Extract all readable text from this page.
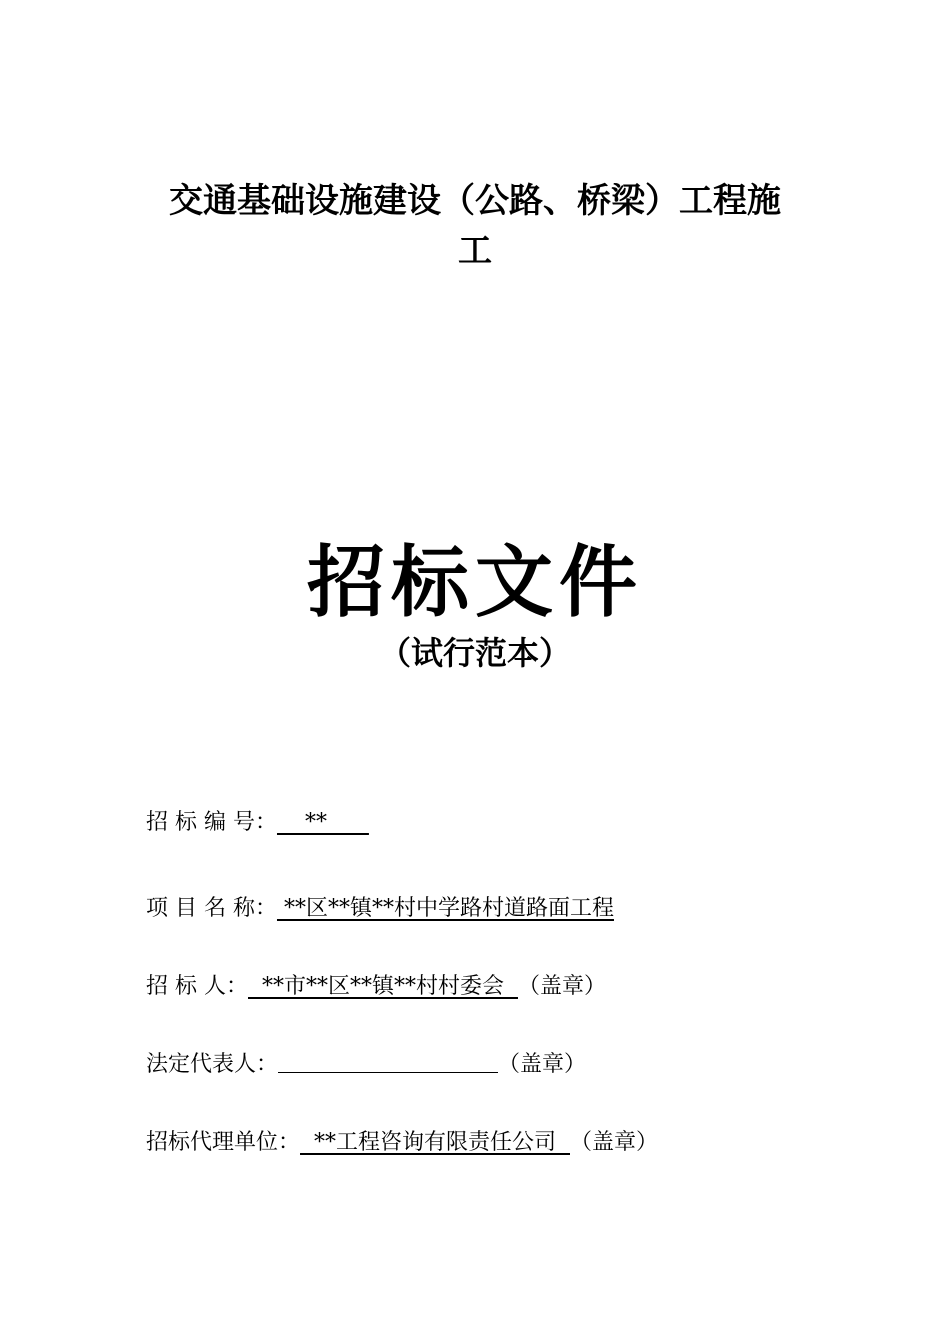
交通基础设施建设（公路、桥梁）工程施
工
招标文件
（试行范本）
招 标 编 号：    **
项 目 名 称： **区**镇**村中学路村道路面工程
招 标 人：  **市**区**镇**村村委会  （盖章）
法定代表人：	（盖章）
招标代理单位：  **工程咨询有限责任公司  （盖章）
